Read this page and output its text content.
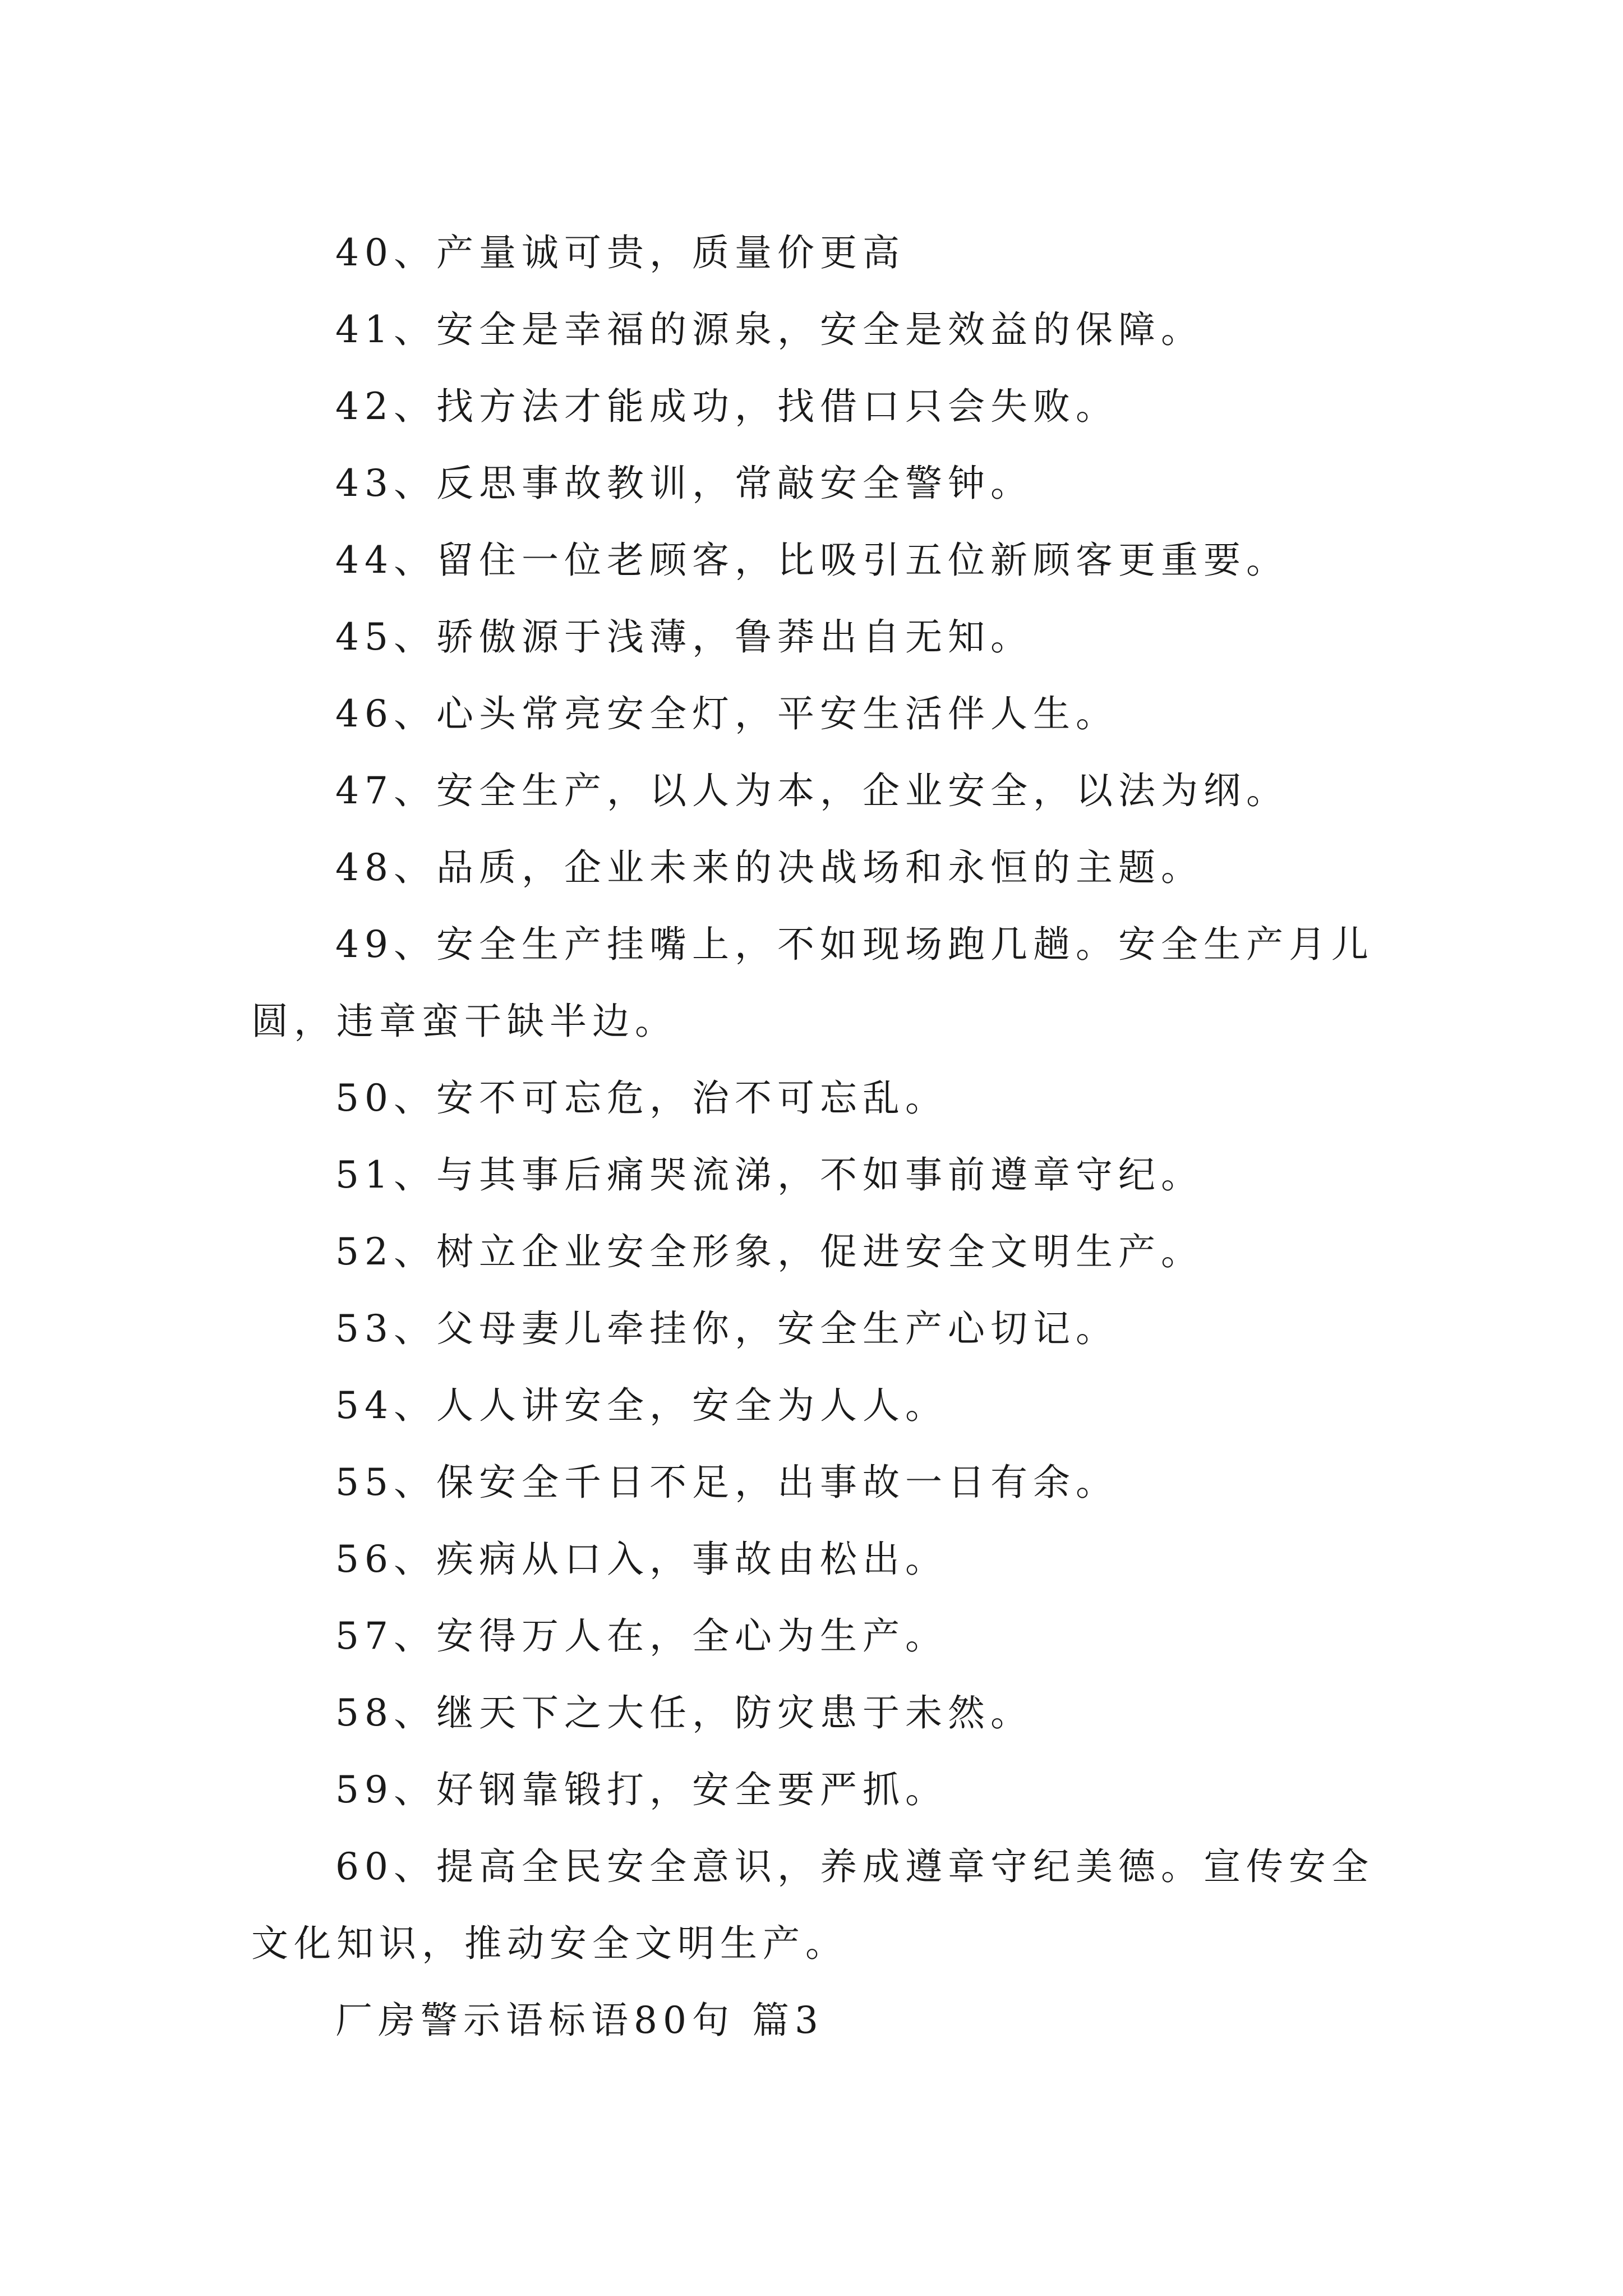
40、产量诚可贵，质量价更高

41、安全是幸福的源泉，安全是效益的保障。

42、找方法才能成功，找借口只会失败。

43、反思事故教训，常敲安全警钟。

44、留住一位老顾客，比吸引五位新顾客更重要。

45、骄傲源于浅薄，鲁莽出自无知。

46、心头常亮安全灯，平安生活伴人生。

47、安全生产，以人为本，企业安全，以法为纲。

48、品质，企业未来的决战场和永恒的主题。

49、安全生产挂嘴上，不如现场跑几趟。安全生产月儿圆，违章蛮干缺半边。

50、安不可忘危，治不可忘乱。

51、与其事后痛哭流涕，不如事前遵章守纪。

52、树立企业安全形象，促进安全文明生产。

53、父母妻儿牵挂你，安全生产心切记。

54、人人讲安全，安全为人人。

55、保安全千日不足，出事故一日有余。

56、疾病从口入，事故由松出。

57、安得万人在，全心为生产。

58、继天下之大任，防灾患于未然。

59、好钢靠锻打，安全要严抓。

60、提高全民安全意识，养成遵章守纪美德。宣传安全文化知识，推动安全文明生产。

厂房警示语标语80句 篇3
